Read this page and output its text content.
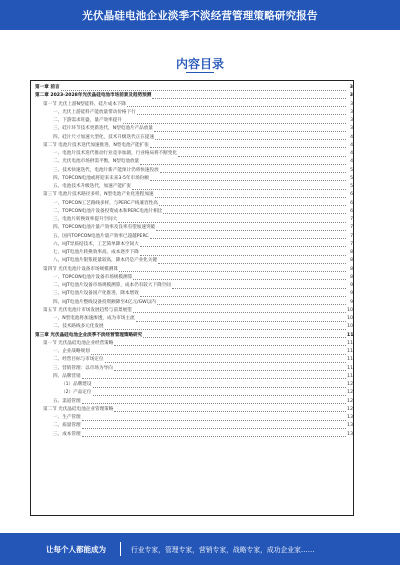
光伏晶硅电池企业淡季不淡经营管理策略研究报告
内容目录
第一章 前言	3
第二章 2023-2028年光伏晶硅电池市场前景及趋势预测	3
第一节 光伏上游N型硅料、硅片成本下降	3
一、光伏上游硅料产能放量带动价格下行	3
二、下游需求旺盛，量产效率提升	3
三、硅片环节技术更新迭代，N型电池片产品放量	3
四、硅片尺寸加速大型化，技术升级迭代正在提速	4
第二节 电池片技术迭代加速推进，N型电池产能扩张	4
一、电池片技术迭代推动行业竞争加剧，行业格局将不断变化	4
二、光伏电池市场供需平衡，N型电池放量	4
三、技术快速迭代，电池片新产能预计仍将快速投放	5
四、TOPCON电池或将迎来未来3-5年市场份额	5
五、电池技术升级迭代，加速产能扩张	5
第三节 电池片技术路径多样，N型电池产业化进程加速	6
一、TOPCON工艺路线多样，与PERC产线兼容性高	6
二、TOPCON电池片设备投资成本和PERC电池片相比	6
三、电池片转换效率提升空间大	7
四、TOPCON电池片量产效率及良率有望加速突破	7
五、国内TOPCON电池片量产效率已超越PERC	7
六、HJT异质结技术，工艺简单降本空间大	7
七、HJT电池片转换效率高，成本逐步下降	8
八、HJT电池片银浆耗量较高，降本仍是产业化关键	8
第四节 光伏电池片设备市场规模测算	8
一、TOPCON电池片设备市场规模测算	8
二、HJT电池片设备市场规模测算，成本仍有较大下降空间	9
三、HJT电池片设备国产化推进，降本增效	9
四、HJT电池片整线设备投资额降至4亿元/GW以内	9
第五节 光伏电池片市场发展趋势与前景展望	10
一、N型电池将加速渗透，成为市场主流	10
二、技术路线多元化发展	10
第三章 光伏晶硅电池企业淡季不淡经营管理策略研究	11
第一节 光伏晶硅电池企业经营策略	11
一、企业战略规划	11
二、经营目标与市场定位	11
三、营销管理：以市场为导向	11
四、品牌营销	11
（1）品牌建设	12
（2）产品定位	12
五、渠道管理	12
第二节 光伏晶硅电池企业管理策略	12
一、生产管理	13
二、质量管理	13
三、成本管理	13
让每个人都能成为	行业专家，管理专家，营销专家，战略专家，成功企业家……
